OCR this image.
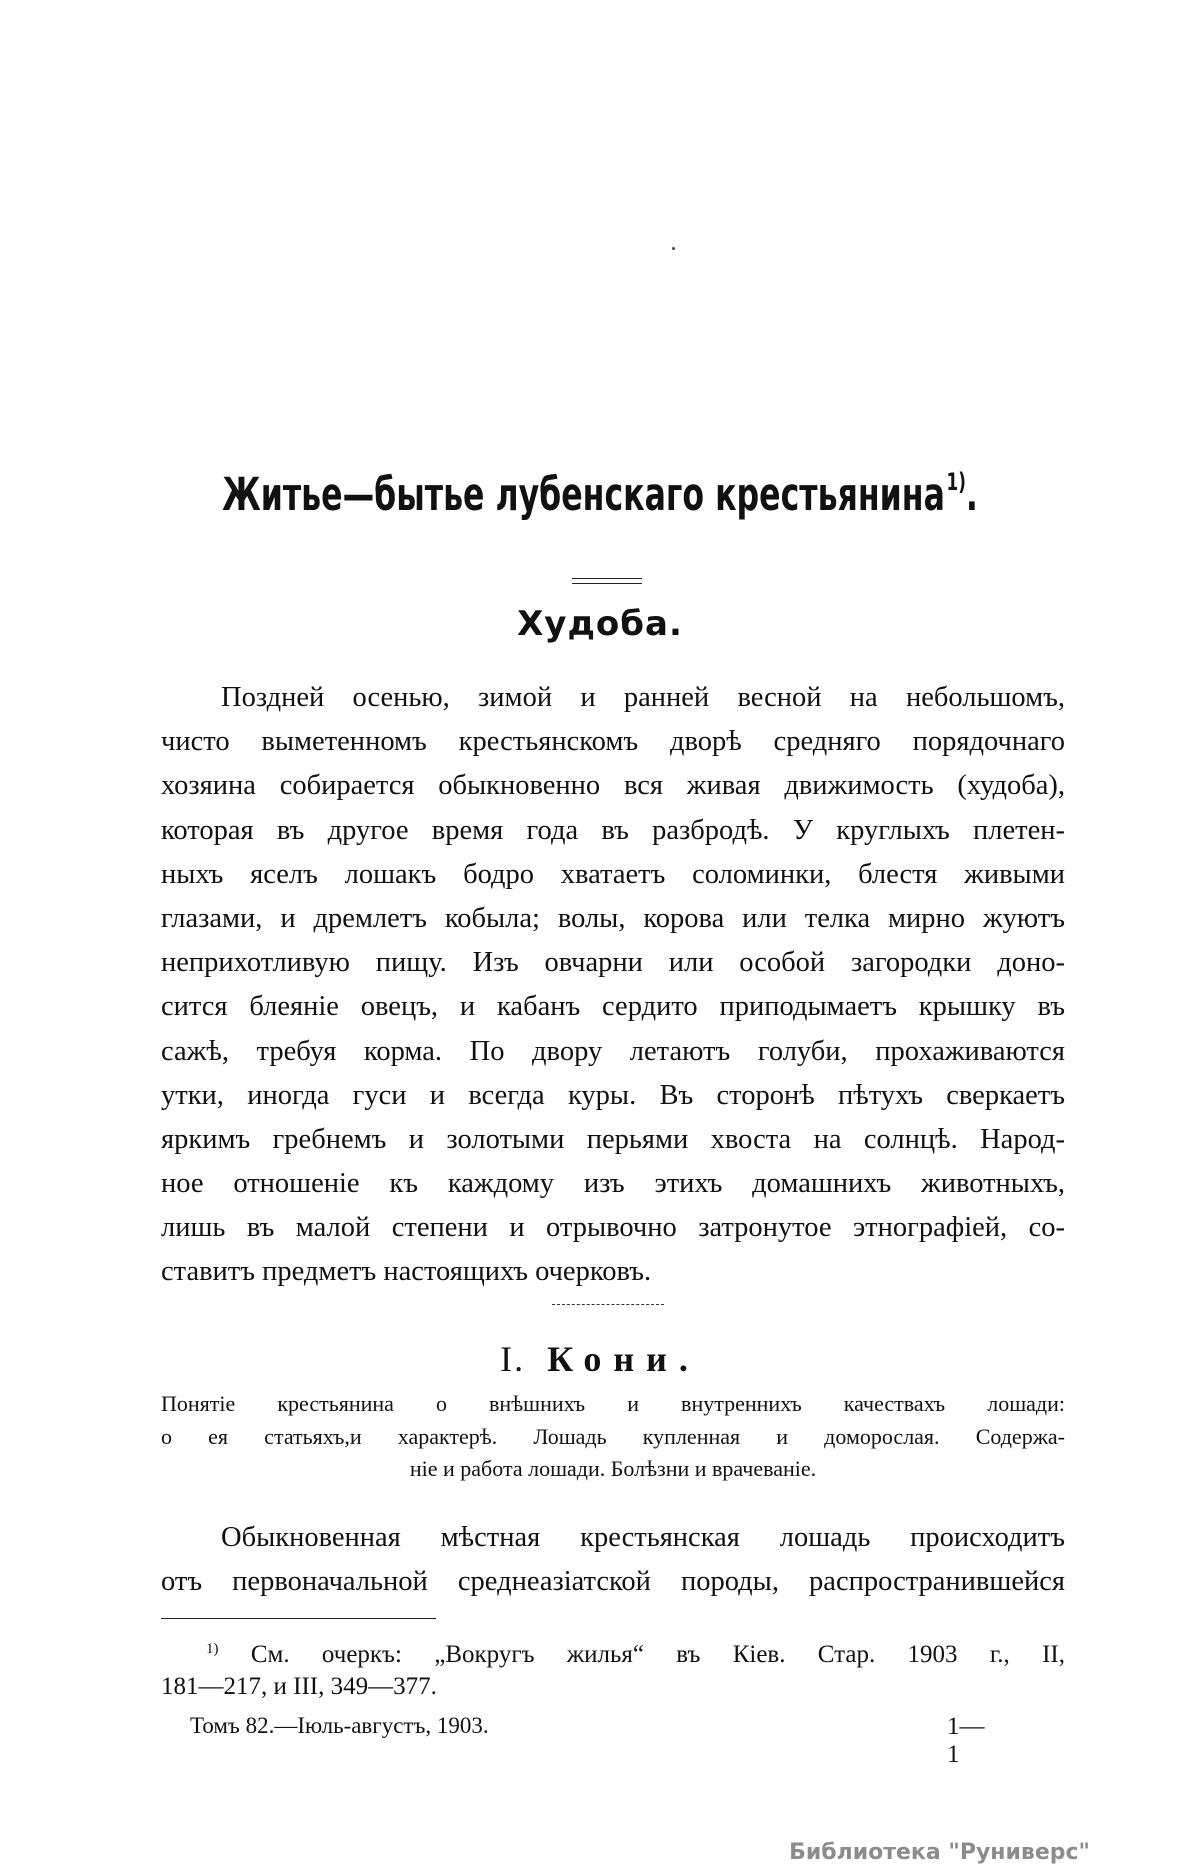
Житье—бытье лубенскаго крестьянина$^{1)}$.
Худоба.
Поздней осенью, зимой и ранней весной на небольшомъ,
чисто выметенномъ крестьянскомъ дворѣ средняго порядочнаго
хозяина собирается обыкновенно вся живая движимость (худоба),
которая въ другое время года въ разбродѣ. У круглыхъ плетен-
ныхъ яселъ лошакъ бодро хватаетъ соломинки, блестя живыми
глазами, и дремлетъ кобыла; волы, корова или телка мирно жуютъ
неприхотливую пищу. Изъ овчарни или особой загородки доно-
сится блеяніе овецъ, и кабанъ сердито приподымаетъ крышку въ
сажѣ, требуя корма. По двору летаютъ голуби, прохаживаются
утки, иногда гуси и всегда куры. Въ сторонѣ пѣтухъ сверкаетъ
яркимъ гребнемъ и золотыми перьями хвоста на солнцѣ. Народ-
ное отношеніе къ каждому изъ этихъ домашнихъ животныхъ,
лишь въ малой степени и отрывочно затронутое этнографіей, со-
ставитъ предметъ настоящихъ очерковъ.
I. Кони.
Понятіе крестьянина о внѣшнихъ и внутреннихъ качествахъ лошади:
о ея статьяхъ,и характерѣ. Лошадь купленная и доморослая. Содержа-
ніе и работа лошади. Болѣзни и врачеваніе.
Обыкновенная мѣстная крестьянская лошадь происходитъ
отъ первоначальной среднеазіатской породы, распространившейся
$^{1)}$ См. очеркъ: „Вокругъ жилья“ въ Кіев. Стар. 1903 г., II,
181—217, и III, 349—377.
Томъ 82.—Іюль-августъ, 1903.	1—1
Библиотека "Руниверс"
